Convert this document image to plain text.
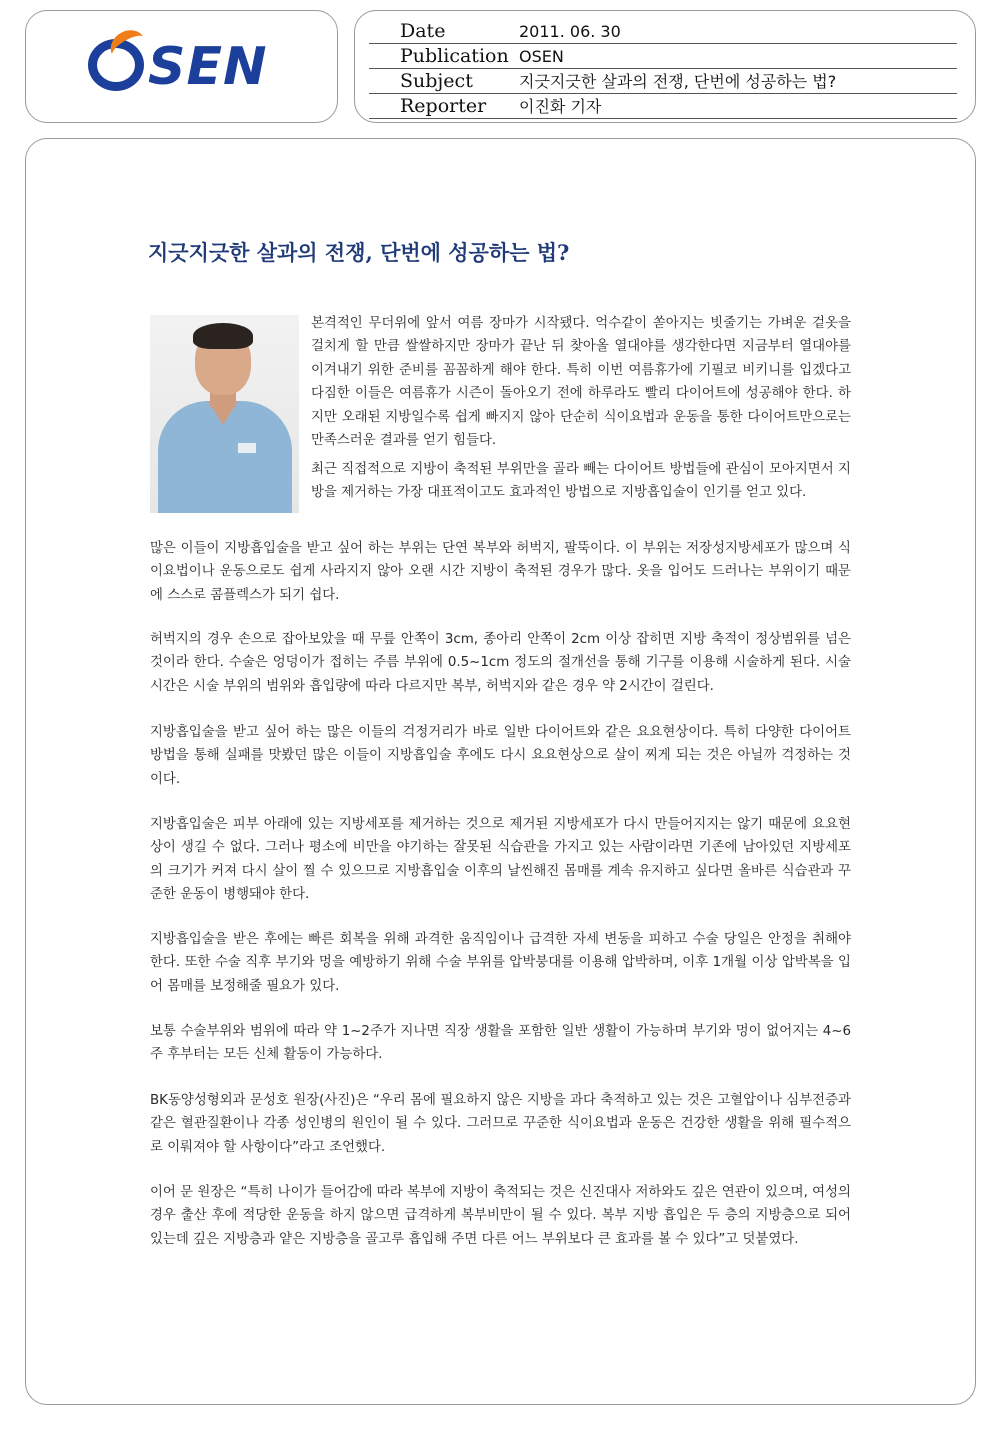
SEN
Date	2011. 06. 30
Publication OSEN
Subject	지긋지긋한 살과의 전쟁, 단번에 성공하는 법?
Reporter	이진화 기자
지긋지긋한 살과의 전쟁, 단번에 성공하는 법?

본격적인 무더위에 앞서 여름 장마가 시작됐다. 억수같이 쏟아지는 빗줄기는 가벼운 겉옷을 걸치게 할 만큼 쌀쌀하지만 장마가 끝난 뒤 찾아올 열대야를 생각한다면 지금부터 열대야를 이겨내기 위한 준비를 꼼꼼하게 해야 한다. 특히 이번 여름휴가에 기필코 비키니를 입겠다고 다짐한 이들은 여름휴가 시즌이 돌아오기 전에 하루라도 빨리 다이어트에 성공해야 한다. 하지만 오래된 지방일수록 쉽게 빠지지 않아 단순히 식이요법과 운동을 통한 다이어트만으로는 만족스러운 결과를 얻기 힘들다.

최근 직접적으로 지방이 축적된 부위만을 골라 빼는 다이어트 방법들에 관심이 모아지면서 지방을 제거하는 가장 대표적이고도 효과적인 방법으로 지방흡입술이 인기를 얻고 있다.

많은 이들이 지방흡입술을 받고 싶어 하는 부위는 단연 복부와 허벅지, 팔뚝이다. 이 부위는 저장성지방세포가 많으며 식이요법이나 운동으로도 쉽게 사라지지 않아 오랜 시간 지방이 축적된 경우가 많다. 옷을 입어도 드러나는 부위이기 때문에 스스로 콤플렉스가 되기 쉽다.

허벅지의 경우 손으로 잡아보았을 때 무릎 안쪽이 3cm, 종아리 안쪽이 2cm 이상 잡히면 지방 축적이 정상범위를 넘은 것이라 한다. 수술은 엉덩이가 접히는 주름 부위에 0.5~1cm 정도의 절개선을 통해 기구를 이용해 시술하게 된다. 시술 시간은 시술 부위의 범위와 흡입량에 따라 다르지만 복부, 허벅지와 같은 경우 약 2시간이 걸린다.

지방흡입술을 받고 싶어 하는 많은 이들의 걱정거리가 바로 일반 다이어트와 같은 요요현상이다. 특히 다양한 다이어트 방법을 통해 실패를 맛봤던 많은 이들이 지방흡입술 후에도 다시 요요현상으로 살이 찌게 되는 것은 아닐까 걱정하는 것이다.

지방흡입술은 피부 아래에 있는 지방세포를 제거하는 것으로 제거된 지방세포가 다시 만들어지지는 않기 때문에 요요현상이 생길 수 없다. 그러나 평소에 비만을 야기하는 잘못된 식습관을 가지고 있는 사람이라면 기존에 남아있던 지방세포의 크기가 커져 다시 살이 찔 수 있으므로 지방흡입술 이후의 날씬해진 몸매를 계속 유지하고 싶다면 올바른 식습관과 꾸준한 운동이 병행돼야 한다.

지방흡입술을 받은 후에는 빠른 회복을 위해 과격한 움직임이나 급격한 자세 변동을 피하고 수술 당일은 안정을 취해야 한다. 또한 수술 직후 부기와 멍을 예방하기 위해 수술 부위를 압박붕대를 이용해 압박하며, 이후 1개월 이상 압박복을 입어 몸매를 보정해줄 필요가 있다.

보통 수술부위와 범위에 따라 약 1~2주가 지나면 직장 생활을 포함한 일반 생활이 가능하며 부기와 멍이 없어지는 4~6주 후부터는 모든 신체 활동이 가능하다.

BK동양성형외과 문성호 원장(사진)은 “우리 몸에 필요하지 않은 지방을 과다 축적하고 있는 것은 고혈압이나 심부전증과 같은 혈관질환이나 각종 성인병의 원인이 될 수 있다. 그러므로 꾸준한 식이요법과 운동은 건강한 생활을 위해 필수적으로 이뤄져야 할 사항이다”라고 조언했다.

이어 문 원장은 “특히 나이가 들어감에 따라 복부에 지방이 축적되는 것은 신진대사 저하와도 깊은 연관이 있으며, 여성의 경우 출산 후에 적당한 운동을 하지 않으면 급격하게 복부비만이 될 수 있다. 복부 지방 흡입은 두 층의 지방층으로 되어 있는데 깊은 지방층과 얕은 지방층을 골고루 흡입해 주면 다른 어느 부위보다 큰 효과를 볼 수 있다”고 덧붙였다.
